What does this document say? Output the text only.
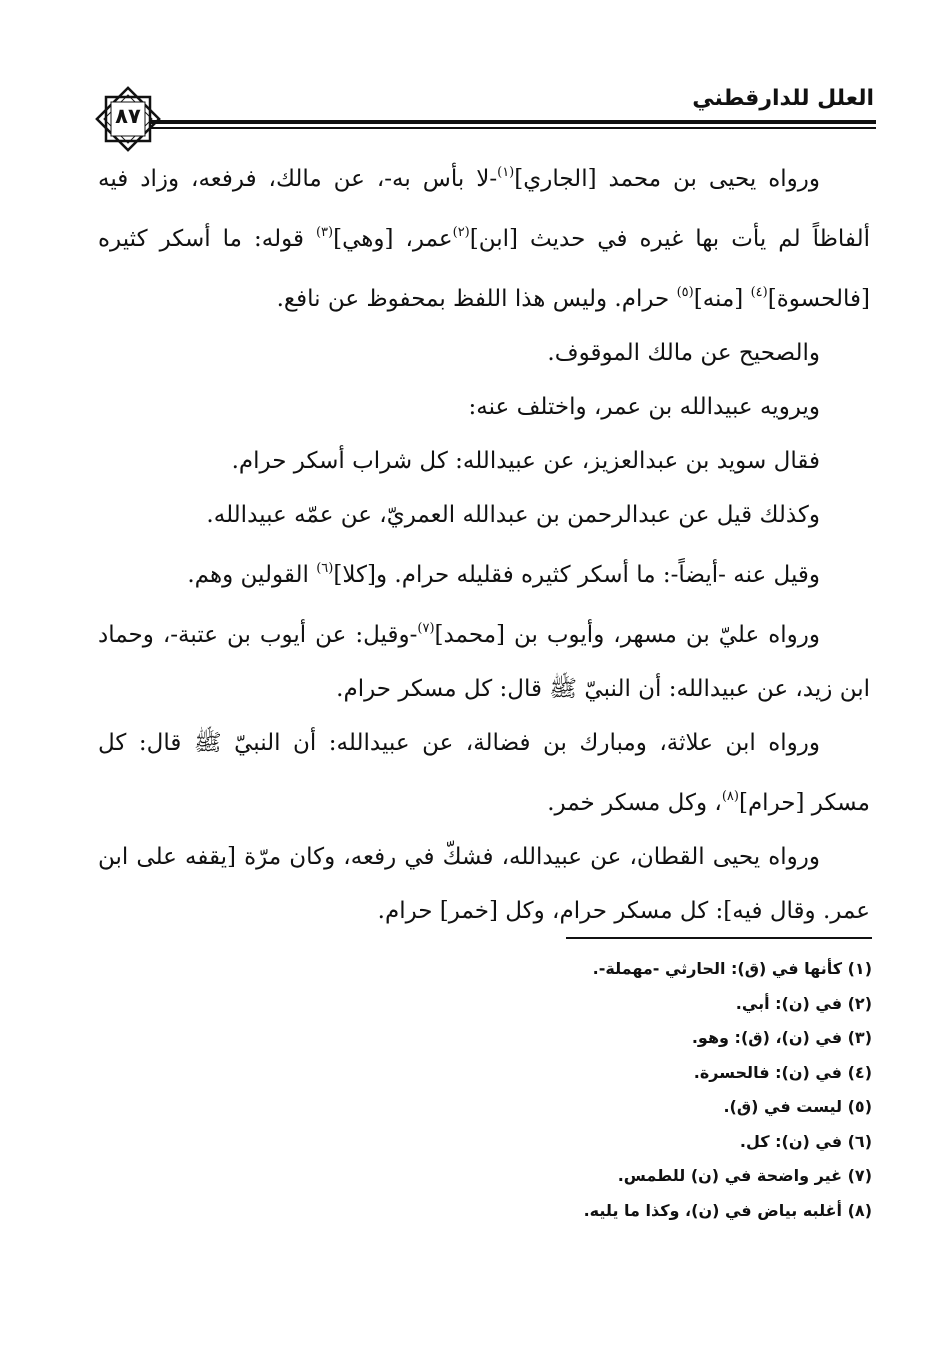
العلل للدارقطني
٨٧

ورواه يحيى بن محمد [الجاري]$^{(١)}$-لا بأس به-، عن مالك، فرفعه، وزاد فيه ألفاظاً لم يأت بها غيره في حديث [ابن]$^{(٢)}$عمر، [وهي]$^{(٣)}$ قوله: ما أسكر كثيره [فالحسوة]$^{(٤)}$ [منه]$^{(٥)}$ حرام. وليس هذا اللفظ بمحفوظ عن نافع.

والصحيح عن مالك الموقوف.

ويرويه عبيدالله بن عمر، واختلف عنه:

فقال سويد بن عبدالعزيز، عن عبيدالله: كل شراب أسكر حرام.

وكذلك قيل عن عبدالرحمن بن عبدالله العمريّ، عن عمّه عبيدالله.

وقيل عنه -أيضاً-: ما أسكر كثيره فقليله حرام. و[كلا]$^{(٦)}$ القولين وهم.

ورواه عليّ بن مسهر، وأيوب بن [محمد]$^{(٧)}$-وقيل: عن أيوب بن عتبة-، وحماد ابن زيد، عن عبيدالله: أن النبيّ ﷺ قال: كل مسكر حرام.

ورواه ابن علاثة، ومبارك بن فضالة، عن عبيدالله: أن النبيّ ﷺ قال: كل مسكر [حرام]$^{(٨)}$، وكل مسكر خمر.

ورواه يحيى القطان، عن عبيدالله، فشكّ في رفعه، وكان مرّة [يقفه على ابن عمر. وقال فيه]: كل مسكر حرام، وكل [خمر] حرام.

(١) كأنها في (ق): الحارثي -مهملة-.
(٢) في (ن): أبي.
(٣) في (ن)، (ق): وهو.
(٤) في (ن): فالحسرة.
(٥) ليست في (ق).
(٦) في (ن): كل.
(٧) غير واضحة في (ن) للطمس.
(٨) أغلبه بياض في (ن)، وكذا ما يليه.
